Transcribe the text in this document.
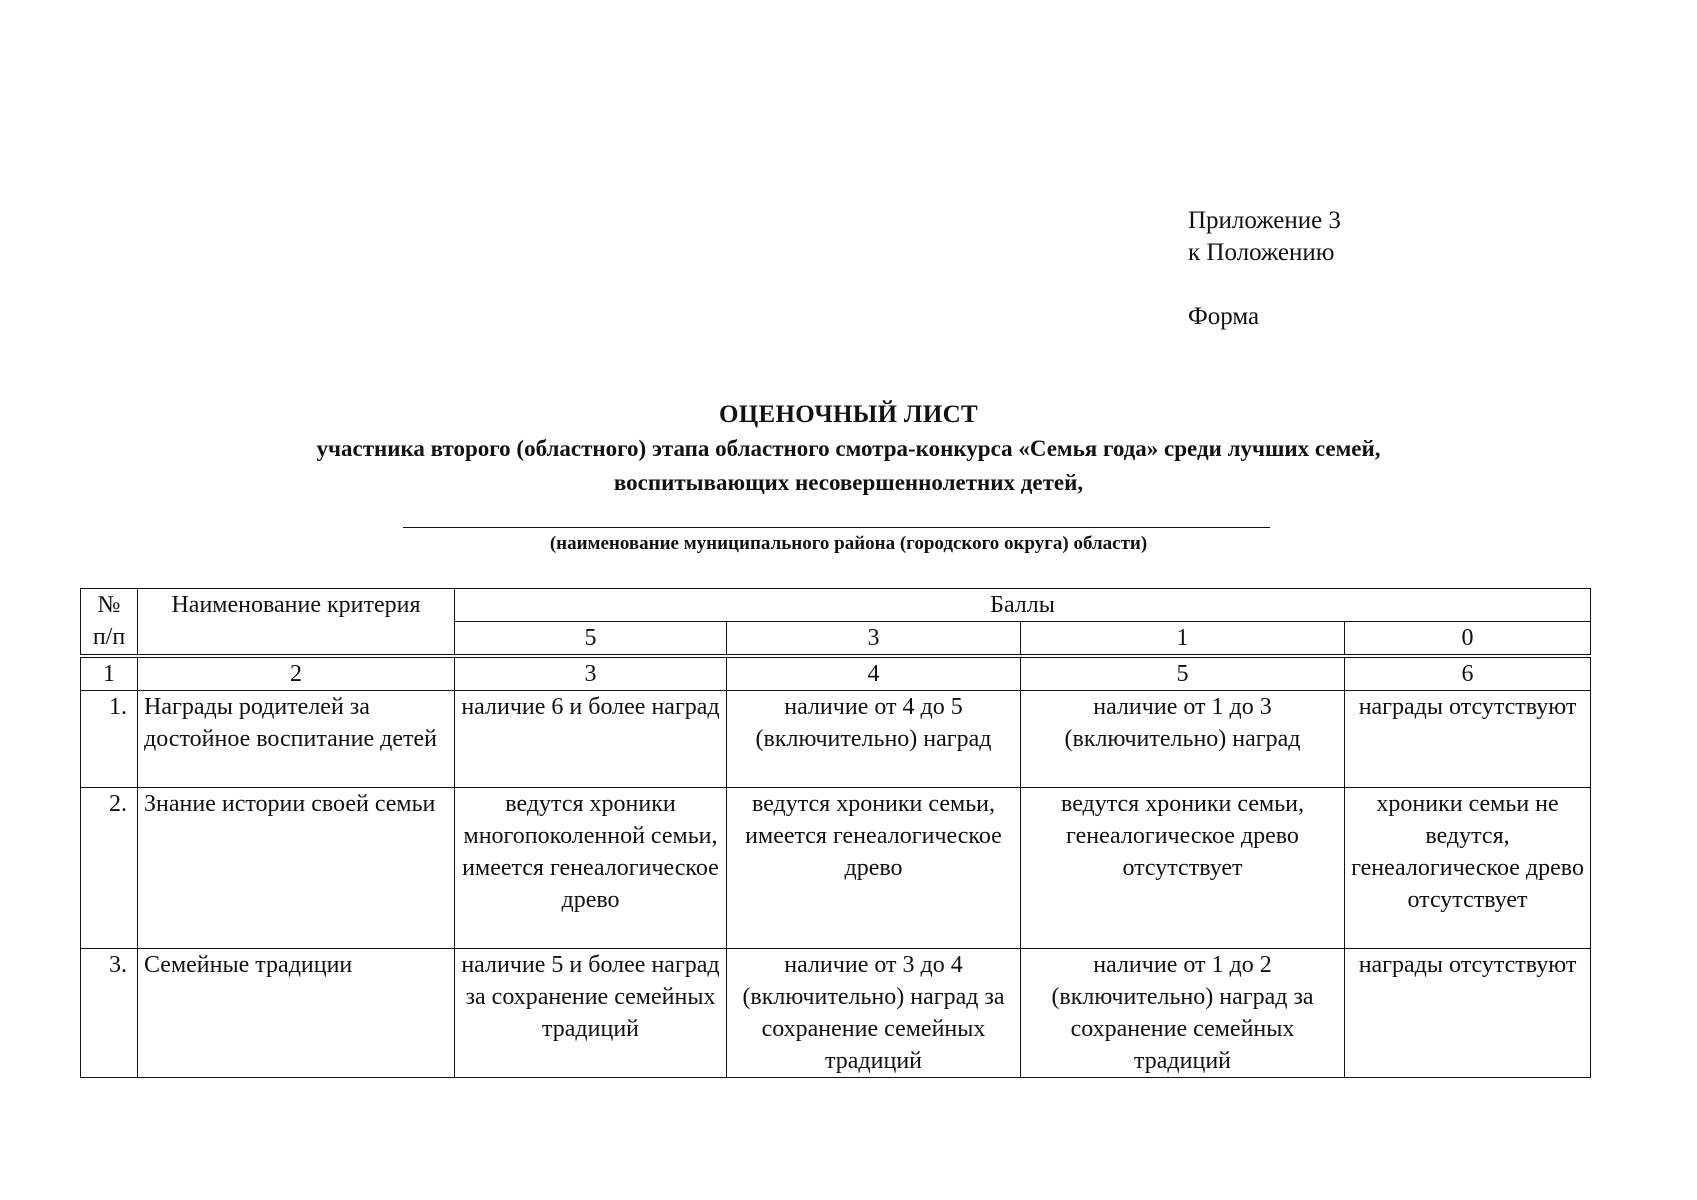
Приложение 3
к Положению
Форма
ОЦЕНОЧНЫЙ ЛИСТ
участника второго (областного) этапа областного смотра-конкурса «Семья года» среди лучших семей,
воспитывающих несовершеннолетних детей,
(наименование муниципального района (городского округа) области)
№ п/п	Наименование критерия	Баллы			
		5	3	1	0
1	2	3	4	5	6
1.	Награды родителей за достойное воспитание детей	наличие 6 и более наград	наличие от 4 до 5 (включительно) наград	наличие от 1 до 3 (включительно) наград	награды отсутствуют
2.	Знание истории своей семьи	ведутся хроники многопоколенной семьи, имеется генеалогическое древо	ведутся хроники семьи, имеется генеалогическое древо	ведутся хроники семьи, генеалогическое древо отсутствует	хроники семьи не ведутся, генеалогическое древо отсутствует
3.	Семейные традиции	наличие 5 и более наград за сохранение семейных традиций	наличие от 3 до 4 (включительно) наград за сохранение семейных традиций	наличие от 1 до 2 (включительно) наград за сохранение семейных традиций	награды отсутствуют
